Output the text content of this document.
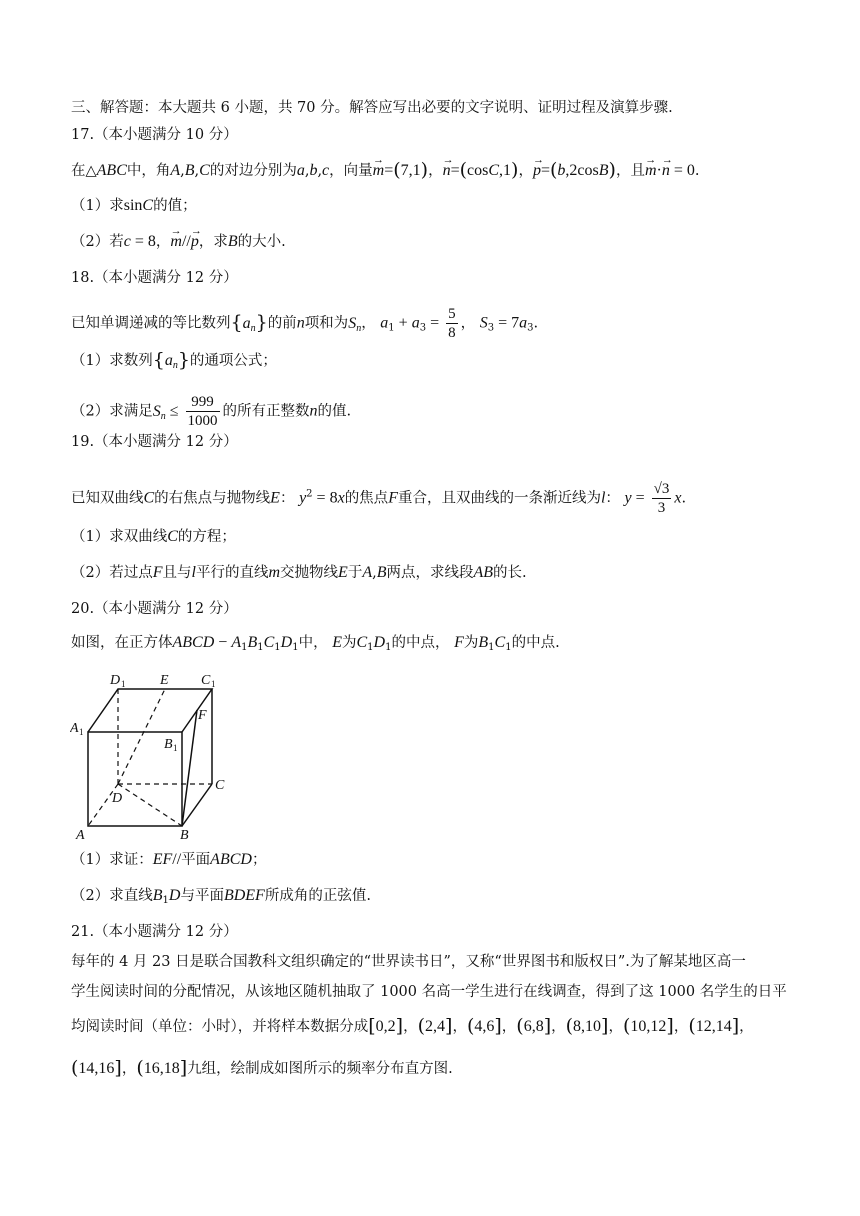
三、解答题：本大题共 6 小题，共 70 分。解答应写出必要的文字说明、证明过程及演算步骤.
17.（本小题满分 10 分）
在△ABC中，角A,B,C的对边分别为a,b,c，向量→ m=(7,1)，→ n=(cosC,1)，→ p=(b,2cosB)，且→ m·→ n = 0.
（1）求sinC的值；
（2）若c = 8，→ m//→ p，求B的大小.
18.（本小题满分 12 分）
已知单调递减的等比数列$\{a_n\}$的前n项和为$S_n$， $a_1 + a_3 = \frac{5}{8}$ ， $S_3 = 7a_3$.
（1）求数列$\{a_n\}$的通项公式；
（2）求满足$S_n \le \frac{999}{1000}$ 的所有正整数n的值.
19.（本小题满分 12 分）
已知双曲线C的右焦点与抛物线E： $y^2 = 8x$的焦点F重合，且双曲线的一条渐近线为l： $y = \frac{√3}{3} x$.
（1）求双曲线C的方程；
（2）若过点F且与l平行的直线m交抛物线E于A,B两点，求线段AB的长.
20.（本小题满分 12 分）
如图，在正方体ABCD − $A_1B_1C_1D_1$中， E为$C_1D_1$的中点， F为$B_1C_1$的中点.
D 1 E C 1
A 1
F
B 1
D
C
A	B
（1）求证：EF//平面ABCD；
（2）求直线$B_1D$与平面BDEF所成角的正弦值.
21.（本小题满分 12 分）
每年的 4 月 23 日是联合国教科文组织确定的“世界读书日”，又称“世界图书和版权日”.为了解某地区高一
学生阅读时间的分配情况，从该地区随机抽取了 1000 名高一学生进行在线调查，得到了这 1000 名学生的日平
均阅读时间（单位：小时），并将样本数据分成[0,2]，(2,4]，(4,6]，(6,8]，(8,10]，(10,12]，(12,14]，
(14,16]，(16,18]九组，绘制成如图所示的频率分布直方图.
